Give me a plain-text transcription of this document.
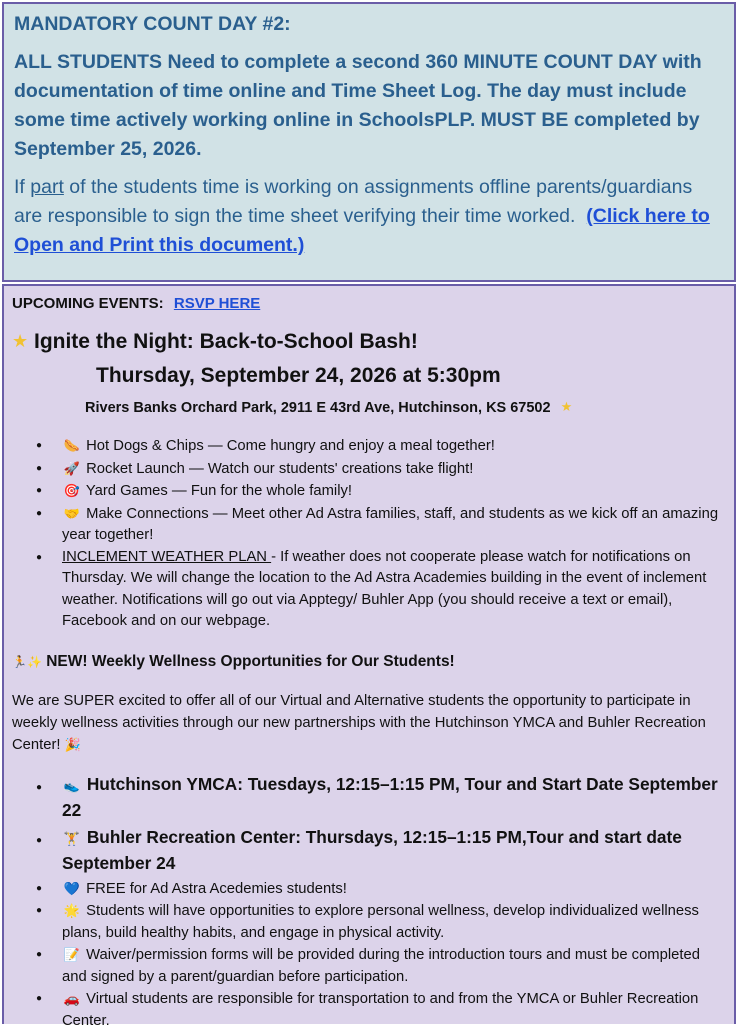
MANDATORY COUNT DAY #2:
ALL STUDENTS Need to complete a second 360 MINUTE COUNT DAY with documentation of time online and Time Sheet Log. The day must include some time actively working online in SchoolsPLP. MUST BE completed by September 25, 2026.
If part of the students time is working on assignments offline parents/guardians are responsible to sign the time sheet verifying their time worked. (Click here to Open and Print this document.)
UPCOMING EVENTS: RSVP HERE
★ Ignite the Night: Back-to-School Bash!
Thursday, September 24, 2026 at 5:30pm
Rivers Banks Orchard Park, 2911 E 43rd Ave, Hutchinson, KS 67502 ★
● 🌭 Hot Dogs & Chips — Come hungry and enjoy a meal together!
● 🚀 Rocket Launch — Watch our students' creations take flight!
● 🎯 Yard Games — Fun for the whole family!
● 🤝 Make Connections — Meet other Ad Astra families, staff, and students as we kick off an amazing year together!
● INCLEMENT WEATHER PLAN - If weather does not cooperate please watch for notifications on Thursday. We will change the location to the Ad Astra Academies building in the event of inclement weather. Notifications will go out via Apptegy/ Buhler App (you should receive a text or email), Facebook and on our webpage.
🏃✨ NEW! Weekly Wellness Opportunities for Our Students!
We are SUPER excited to offer all of our Virtual and Alternative students the opportunity to participate in weekly wellness activities through our new partnerships with the Hutchinson YMCA and Buhler Recreation Center! 🎉
● 👟 Hutchinson YMCA: Tuesdays, 12:15–1:15 PM, Tour and Start Date September 22
● 🏋 Buhler Recreation Center: Thursdays, 12:15–1:15 PM,Tour and start date September 24
● 💙 FREE for Ad Astra Acedemies students!
● 🌟 Students will have opportunities to explore personal wellness, develop individualized wellness plans, build healthy habits, and engage in physical activity.
● 📝 Waiver/permission forms will be provided during the introduction tours and must be completed and signed by a parent/guardian before participation.
● 🚗 Virtual students are responsible for transportation to and from the YMCA or Buhler Recreation Center.
